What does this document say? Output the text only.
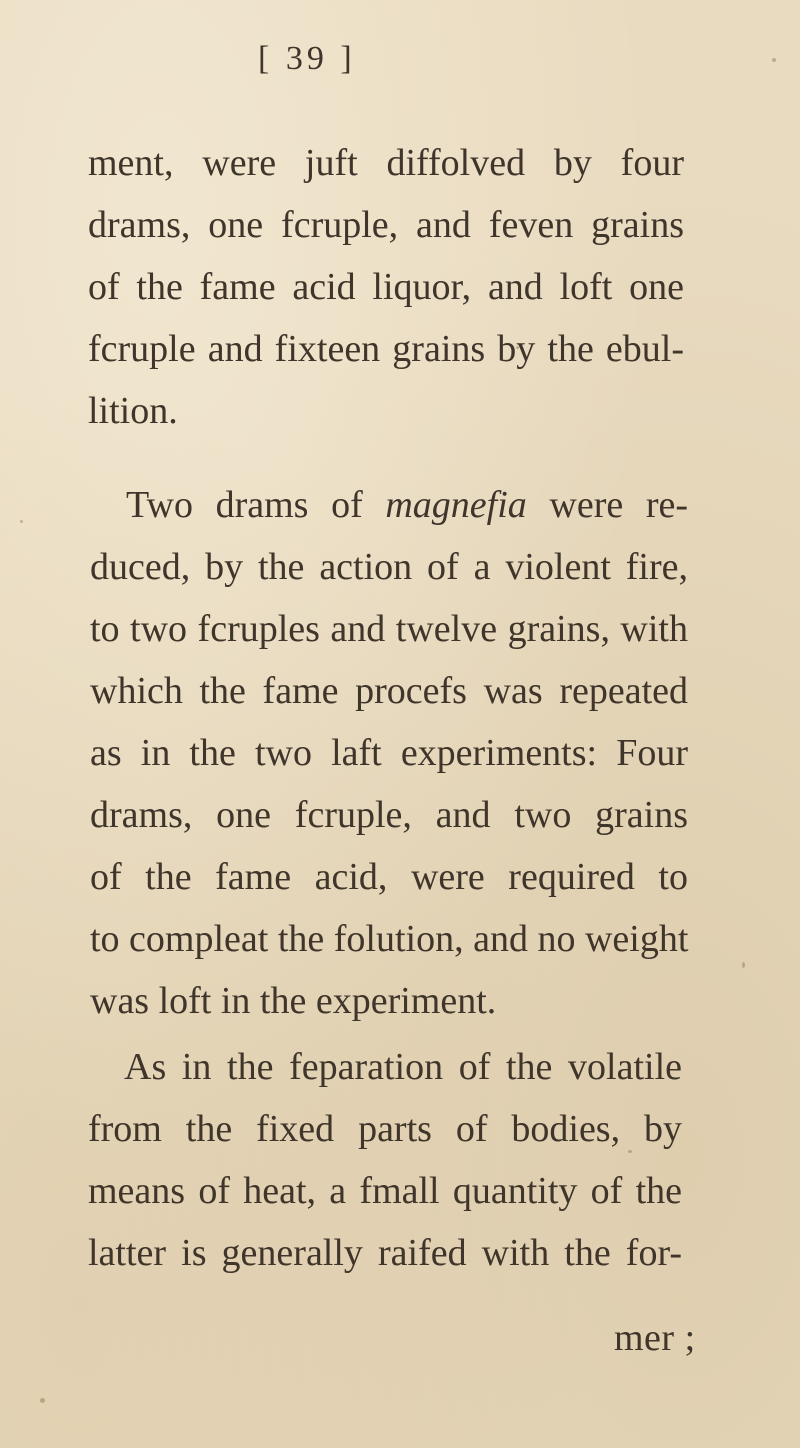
[ 39 ]
ment, were juft diffolved by four
drams, one fcruple, and feven grains
of the fame acid liquor, and loft one
fcruple and fixteen grains by the ebul-
lition.
Two drams of magnefia were re-
duced, by the action of a violent fire,
to two fcruples and twelve grains, with
which the fame procefs was repeated
as in the two laft experiments: Four
drams, one fcruple, and two grains
of the fame acid, were required to
to compleat the folution, and no weight
was loft in the experiment.
As in the feparation of the volatile
from the fixed parts of bodies, by
means of heat, a fmall quantity of the
latter is generally raifed with the for-
mer ;
